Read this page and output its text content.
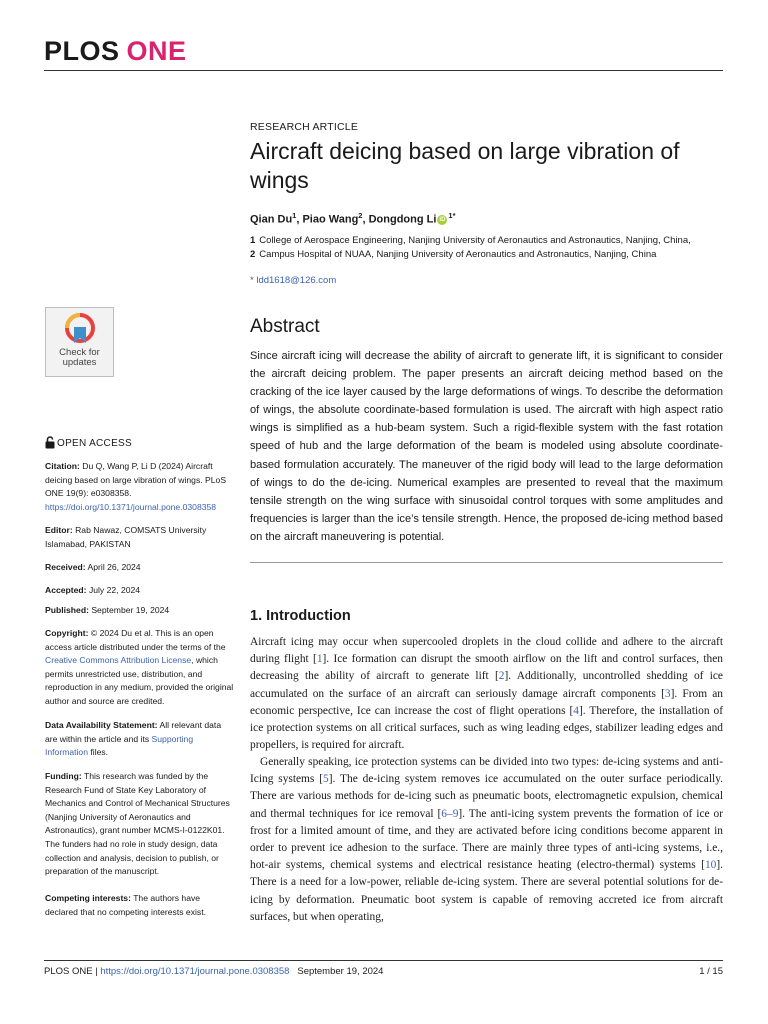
PLOS ONE
RESEARCH ARTICLE
Aircraft deicing based on large vibration of wings
Qian Du$^1$, Piao Wang$^2$, Dongdong Li iD $^{1*}$
1 College of Aerospace Engineering, Nanjing University of Aeronautics and Astronautics, Nanjing, China,
2 Campus Hospital of NUAA, Nanjing University of Aeronautics and Astronautics, Nanjing, China
* ldd1618@126.com
Check for
updates
OPEN ACCESS
Citation: Du Q, Wang P, Li D (2024) Aircraft deicing based on large vibration of wings. PLoS ONE 19(9): e0308358. https://doi.org/10.1371/journal.pone.0308358
Editor: Rab Nawaz, COMSATS University Islamabad, PAKISTAN
Received: April 26, 2024
Accepted: July 22, 2024
Published: September 19, 2024
Copyright: © 2024 Du et al. This is an open access article distributed under the terms of the Creative Commons Attribution License, which permits unrestricted use, distribution, and reproduction in any medium, provided the original author and source are credited.
Data Availability Statement: All relevant data are within the article and its Supporting Information files.
Funding: This research was funded by the Research Fund of State Key Laboratory of Mechanics and Control of Mechanical Structures (Nanjing University of Aeronautics and Astronautics), grant number MCMS-I-0122K01. The funders had no role in study design, data collection and analysis, decision to publish, or preparation of the manuscript.
Competing interests: The authors have declared that no competing interests exist.
Abstract

Since aircraft icing will decrease the ability of aircraft to generate lift, it is significant to consider the aircraft deicing problem. The paper presents an aircraft deicing method based on the cracking of the ice layer caused by the large deformations of wings. To describe the deformation of wings, the absolute coordinate-based formulation is used. The aircraft with high aspect ratio wings is simplified as a hub-beam system. Such a rigid-flexible system with the fast rotation speed of hub and the large deformation of the beam is modeled using absolute coordinate-based formulation accurately. The maneuver of the rigid body will lead to the large deformation of wings to do the de-icing. Numerical examples are presented to reveal that the maximum tensile strength on the wing surface with sinusoidal control torques with some amplitudes and frequencies is larger than the ice’s tensile strength. Hence, the proposed de-icing method based on the aircraft maneuvering is potential.

1. Introduction

Aircraft icing may occur when supercooled droplets in the cloud collide and adhere to the aircraft during flight [1]. Ice formation can disrupt the smooth airflow on the lift and control surfaces, then decreasing the ability of aircraft to generate lift [2]. Additionally, uncontrolled shedding of ice accumulated on the surface of an aircraft can seriously damage aircraft components [3]. From an economic perspective, Ice can increase the cost of flight operations [4]. Therefore, the installation of ice protection systems on all critical surfaces, such as wing leading edges, stabilizer leading edges and propellers, is required for aircraft.

Generally speaking, ice protection systems can be divided into two types: de-icing systems and anti-Icing systems [5]. The de-icing system removes ice accumulated on the outer surface periodically. There are various methods for de-icing such as pneumatic boots, electromagnetic expulsion, chemical and thermal techniques for ice removal [6–9]. The anti-icing system prevents the formation of ice or frost for a limited amount of time, and they are activated before icing conditions become apparent in order to prevent ice adhesion to the surface. There are mainly three types of anti-icing systems, i.e., hot-air systems, chemical systems and electrical resistance heating (electro-thermal) systems [10]. There is a need for a low-power, reliable de-icing system. There are several potential solutions for de-icing by deformation. Pneumatic boot system is capable of removing accreted ice from aircraft surfaces, but when operating,

PLOS ONE | https://doi.org/10.1371/journal.pone.0308358 September 19, 2024	1 / 15
